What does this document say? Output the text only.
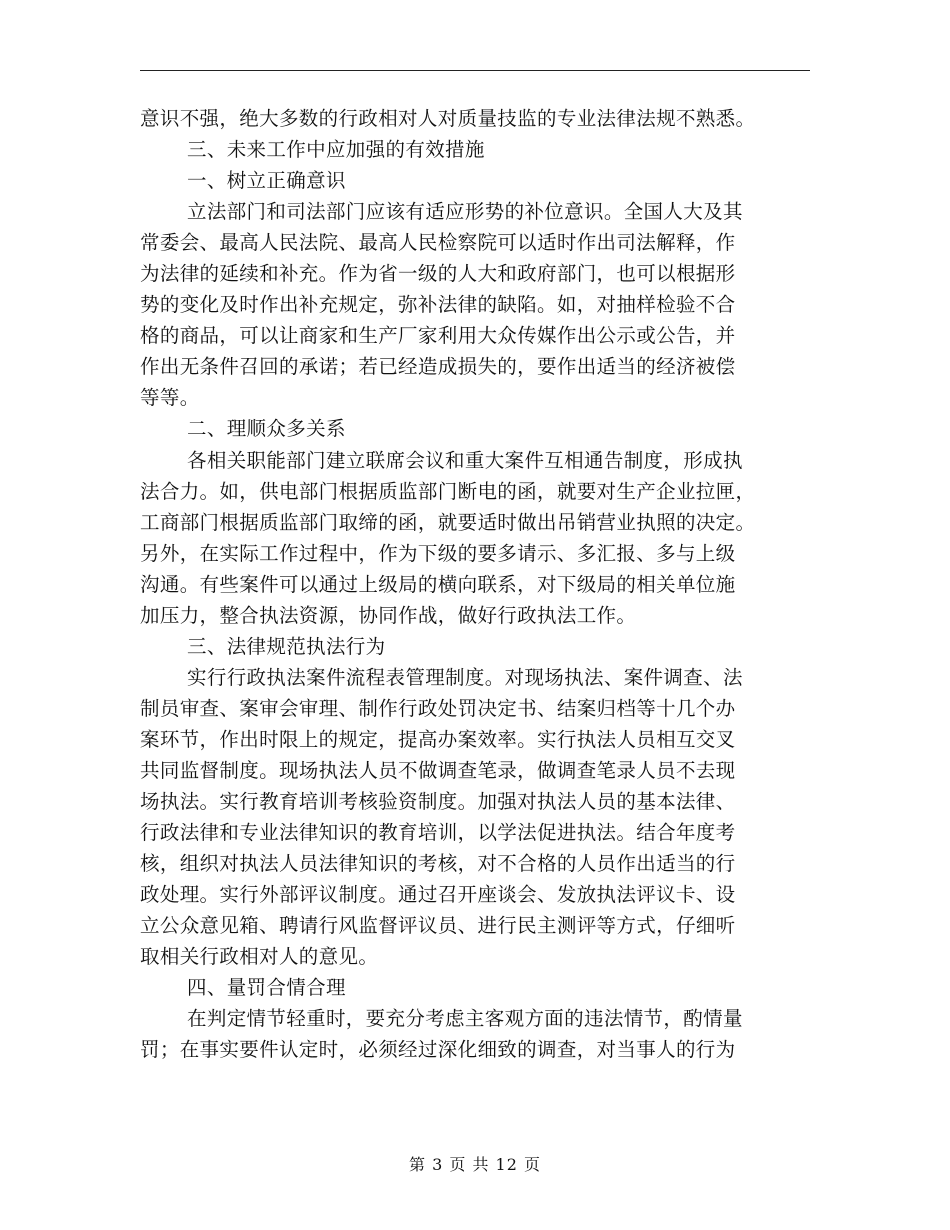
意识不强，绝大多数的行政相对人对质量技监的专业法律法规不熟悉。
三、未来工作中应加强的有效措施
一、树立正确意识
立法部门和司法部门应该有适应形势的补位意识。全国人大及其
常委会、最高人民法院、最高人民检察院可以适时作出司法解释，作
为法律的延续和补充。作为省一级的人大和政府部门，也可以根据形
势的变化及时作出补充规定，弥补法律的缺陷。如，对抽样检验不合
格的商品，可以让商家和生产厂家利用大众传媒作出公示或公告，并
作出无条件召回的承诺；若已经造成损失的，要作出适当的经济被偿
等等。
二、理顺众多关系
各相关职能部门建立联席会议和重大案件互相通告制度，形成执
法合力。如，供电部门根据质监部门断电的函，就要对生产企业拉匣，
工商部门根据质监部门取缔的函，就要适时做出吊销营业执照的决定。
另外，在实际工作过程中，作为下级的要多请示、多汇报、多与上级
沟通。有些案件可以通过上级局的横向联系，对下级局的相关单位施
加压力，整合执法资源，协同作战，做好行政执法工作。
三、法律规范执法行为
实行行政执法案件流程表管理制度。对现场执法、案件调查、法
制员审查、案审会审理、制作行政处罚决定书、结案归档等十几个办
案环节，作出时限上的规定，提高办案效率。实行执法人员相互交叉
共同监督制度。现场执法人员不做调查笔录，做调查笔录人员不去现
场执法。实行教育培训考核验资制度。加强对执法人员的基本法律、
行政法律和专业法律知识的教育培训，以学法促进执法。结合年度考
核，组织对执法人员法律知识的考核，对不合格的人员作出适当的行
政处理。实行外部评议制度。通过召开座谈会、发放执法评议卡、设
立公众意见箱、聘请行风监督评议员、进行民主测评等方式，仔细听
取相关行政相对人的意见。
四、量罚合情合理
在判定情节轻重时，要充分考虑主客观方面的违法情节，酌情量
罚；在事实要件认定时，必须经过深化细致的调查，对当事人的行为
第 3 页 共 12 页
